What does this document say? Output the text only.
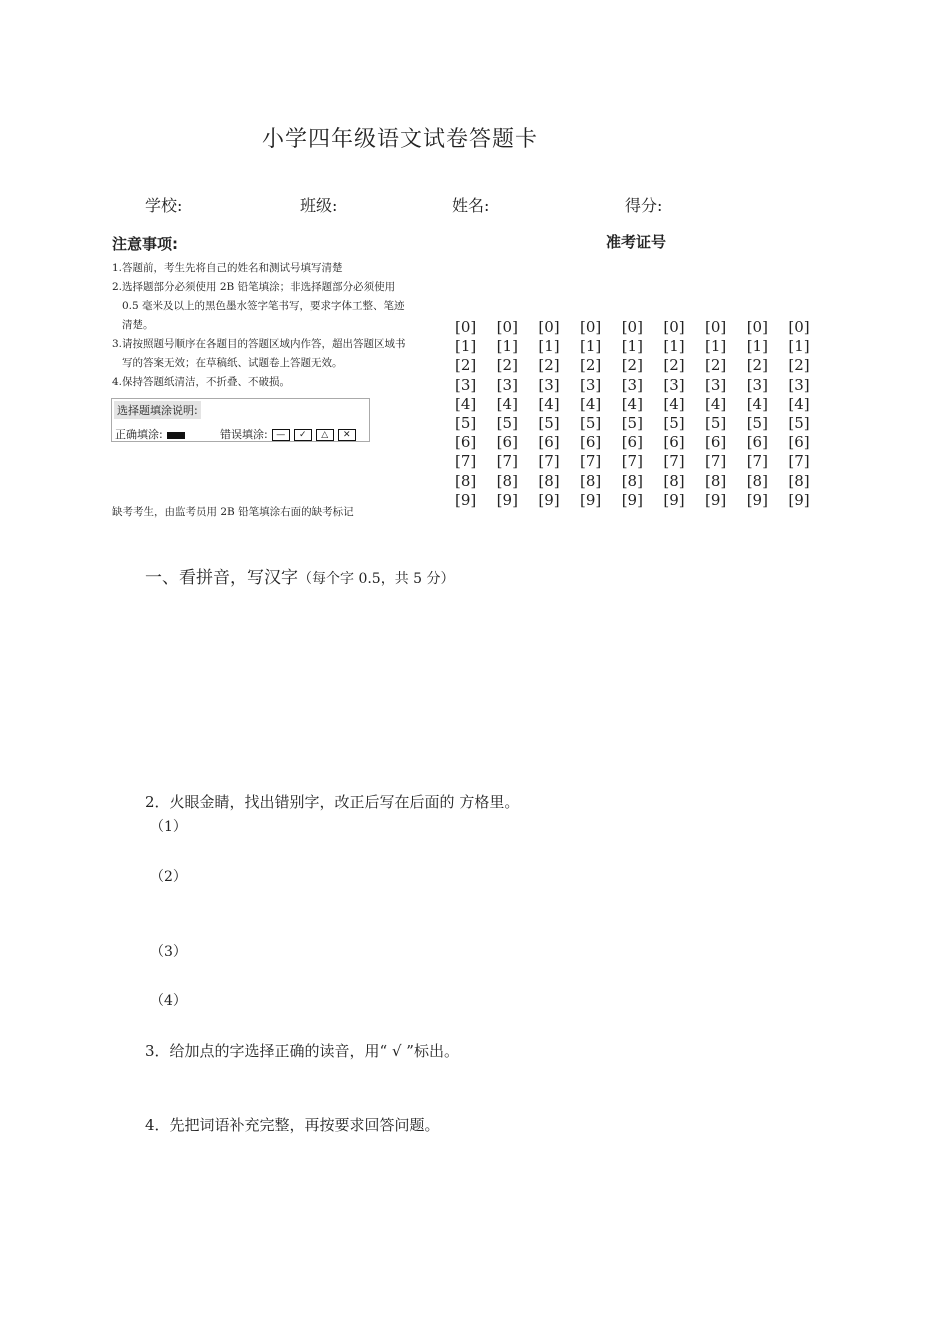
小学四年级语文试卷答题卡
学校:	班级:	姓名:	得分:
注意事项:
1.答题前，考生先将自己的姓名和测试号填写清楚
2.选择题部分必须使用 2B 铅笔填涂；非选择题部分必须使用 0.5 毫米及以上的黑色墨水签字笔书写，要求字体工整、笔迹清楚。
3.请按照题号顺序在各题目的答题区域内作答，超出答题区域书写的答案无效；在草稿纸、试题卷上答题无效。
4.保持答题纸清洁，不折叠、不破损。
选择题填涂说明:
正确填涂:	错误填涂: — ✓ △ ✕
缺考考生，由监考员用 2B 铅笔填涂右面的缺考标记
准考证号
[0]	[0]	[0]	[0]	[0]	[0]	[0]	[0]	[0]
[1]	[1]	[1]	[1]	[1]	[1]	[1]	[1]	[1]
[2]	[2]	[2]	[2]	[2]	[2]	[2]	[2]	[2]
[3]	[3]	[3]	[3]	[3]	[3]	[3]	[3]	[3]
[4]	[4]	[4]	[4]	[4]	[4]	[4]	[4]	[4]
[5]	[5]	[5]	[5]	[5]	[5]	[5]	[5]	[5]
[6]	[6]	[6]	[6]	[6]	[6]	[6]	[6]	[6]
[7]	[7]	[7]	[7]	[7]	[7]	[7]	[7]	[7]
[8]	[8]	[8]	[8]	[8]	[8]	[8]	[8]	[8]
[9]	[9]	[9]	[9]	[9]	[9]	[9]	[9]	[9]
一、看拼音，写汉字（每个字 0.5，共 5 分）
2．火眼金睛，找出错别字，改正后写在后面的 方格里。
（1）
（2）
（3）
（4）
3．给加点的字选择正确的读音，用“ √ ”标出。
4．先把词语补充完整，再按要求回答问题。
